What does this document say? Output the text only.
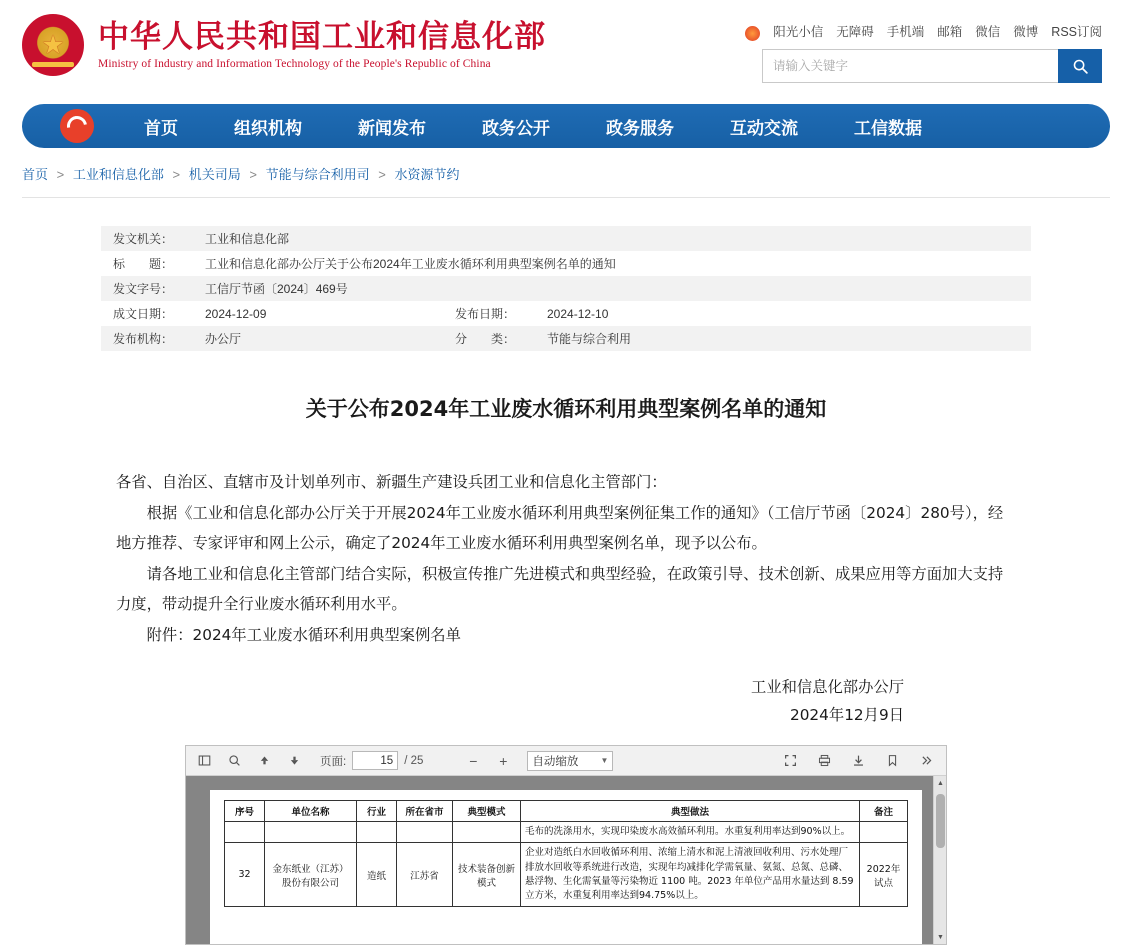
★
中华人民共和国工业和信息化部
Ministry of Industry and Information Technology of the People's Republic of China
阳光小信 无障碍 手机端 邮箱 微信 微博 RSS订阅
请输入关键字
首页	组织机构	新闻发布	政务公开	政务服务	互动交流	工信数据
首页 > 工业和信息化部 > 机关司局 > 节能与综合利用司 > 水资源节约
发文机关：	工业和信息化部		
标　　题：	工业和信息化部办公厅关于公布2024年工业废水循环利用典型案例名单的通知		
发文字号：	工信厅节函〔2024〕469号		
成文日期：	2024-12-09	发布日期：	2024-12-10
发布机构：	办公厅	分　　类：	节能与综合利用
关于公布2024年工业废水循环利用典型案例名单的通知

各省、自治区、直辖市及计划单列市、新疆生产建设兵团工业和信息化主管部门：

根据《工业和信息化部办公厅关于开展2024年工业废水循环利用典型案例征集工作的通知》（工信厅节函〔2024〕280号），经地方推荐、专家评审和网上公示，确定了2024年工业废水循环利用典型案例名单，现予以公布。

请各地工业和信息化主管部门结合实际，积极宣传推广先进模式和典型经验，在政策引导、技术创新、成果应用等方面加大支持力度，带动提升全行业废水循环利用水平。

附件：2024年工业废水循环利用典型案例名单

工业和信息化部办公厅
2024年12月9日
页面:
15	/ 25	−	+	自动缩放	▼
序号	单位名称	行业	所在省市	典型模式	典型做法	备注
					毛布的洗涤用水，实现印染废水高效循环利用。水重复利用率达到90%以上。	
32	金东纸业（江苏）股份有限公司	造纸	江苏省	技术装备创新模式	企业对造纸白水回收循环利用、浓缩上清水和泥上清液回收利用、污水处理厂排放水回收等系统进行改造，实现年均减排化学需氧量、氨氮、总氮、总磷、悬浮物、生化需氧量等污染物近 1100 吨。2023 年单位产品用水量达到 8.59 立方米，水重复利用率达到94.75%以上。	2022年试点
▲
▼
